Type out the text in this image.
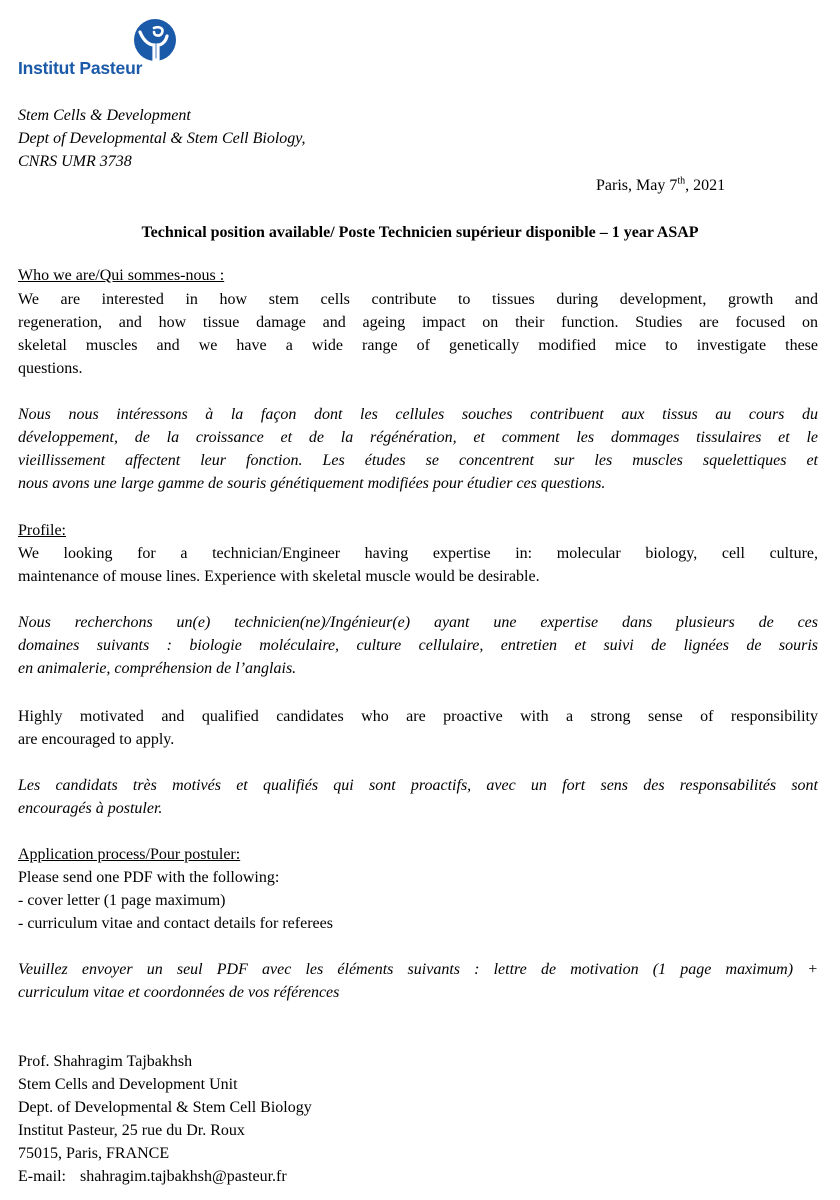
Institut Pasteur
Stem Cells & Development
Dept of Developmental & Stem Cell Biology,
CNRS UMR 3738
Paris, May 7th, 2021
Technical position available/ Poste Technicien supérieur disponible – 1 year ASAP
Who we are/Qui sommes-nous :
We are interested in how stem cells contribute to tissues during development, growth and
regeneration, and how tissue damage and ageing impact on their function. Studies are focused on
skeletal muscles and we have a wide range of genetically modified mice to investigate these
questions.
Nous nous intéressons à la façon dont les cellules souches contribuent aux tissus au cours du
développement, de la croissance et de la régénération, et comment les dommages tissulaires et le
vieillissement affectent leur fonction. Les études se concentrent sur les muscles squelettiques et
nous avons une large gamme de souris génétiquement modifiées pour étudier ces questions.
Profile:
We looking for a technician/Engineer having expertise in: molecular biology, cell culture,
maintenance of mouse lines. Experience with skeletal muscle would be desirable.
Nous recherchons un(e) technicien(ne)/Ingénieur(e) ayant une expertise dans plusieurs de ces
domaines suivants : biologie moléculaire, culture cellulaire, entretien et suivi de lignées de souris
en animalerie, compréhension de l’anglais.
Highly motivated and qualified candidates who are proactive with a strong sense of responsibility
are encouraged to apply.
Les candidats très motivés et qualifiés qui sont proactifs, avec un fort sens des responsabilités sont
encouragés à postuler.
Application process/Pour postuler:
Please send one PDF with the following:
- cover letter (1 page maximum)
- curriculum vitae and contact details for referees
Veuillez envoyer un seul PDF avec les éléments suivants : lettre de motivation (1 page maximum) +
curriculum vitae et coordonnées de vos références
Prof. Shahragim Tajbakhsh
Stem Cells and Development Unit
Dept. of Developmental & Stem Cell Biology
Institut Pasteur, 25 rue du Dr. Roux
75015, Paris, FRANCE
E-mail: shahragim.tajbakhsh@pasteur.fr
